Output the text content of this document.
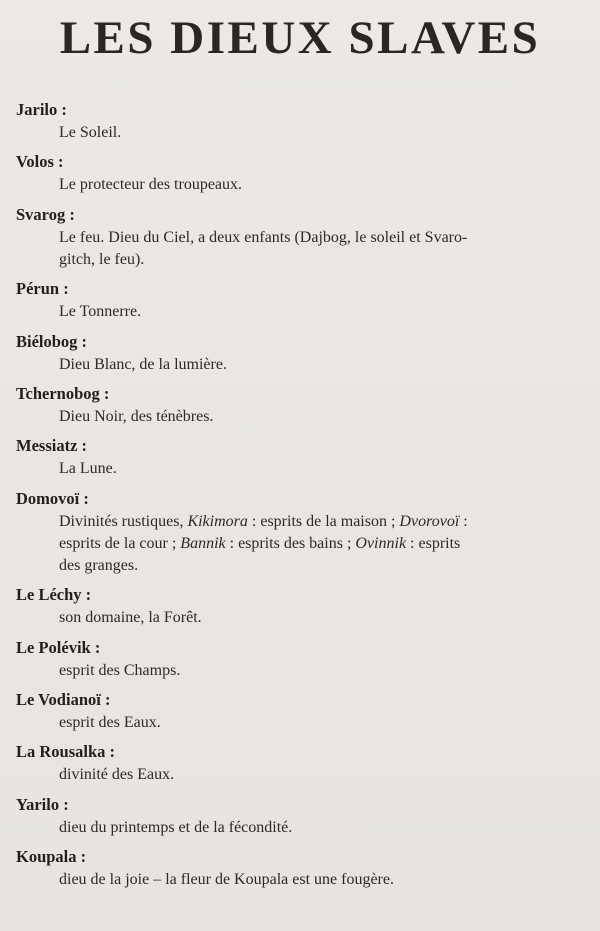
LES DIEUX SLAVES
Jarilo :
Le Soleil.
Volos :
Le protecteur des troupeaux.
Svarog :
Le feu. Dieu du Ciel, a deux enfants (Dajbog, le soleil et Svaro-
gitch, le feu).
Pérun :
Le Tonnerre.
Biélobog :
Dieu Blanc, de la lumière.
Tchernobog :
Dieu Noir, des ténèbres.
Messiatz :
La Lune.
Domovoï :
Divinités rustiques, Kikimora : esprits de la maison ; Dvorovoï :
esprits de la cour ; Bannik : esprits des bains ; Ovinnik : esprits
des granges.
Le Léchy :
son domaine, la Forêt.
Le Polévik :
esprit des Champs.
Le Vodianoï :
esprit des Eaux.
La Rousalka :
divinité des Eaux.
Yarilo :
dieu du printemps et de la fécondité.
Koupala :
dieu de la joie – la fleur de Koupala est une fougère.
